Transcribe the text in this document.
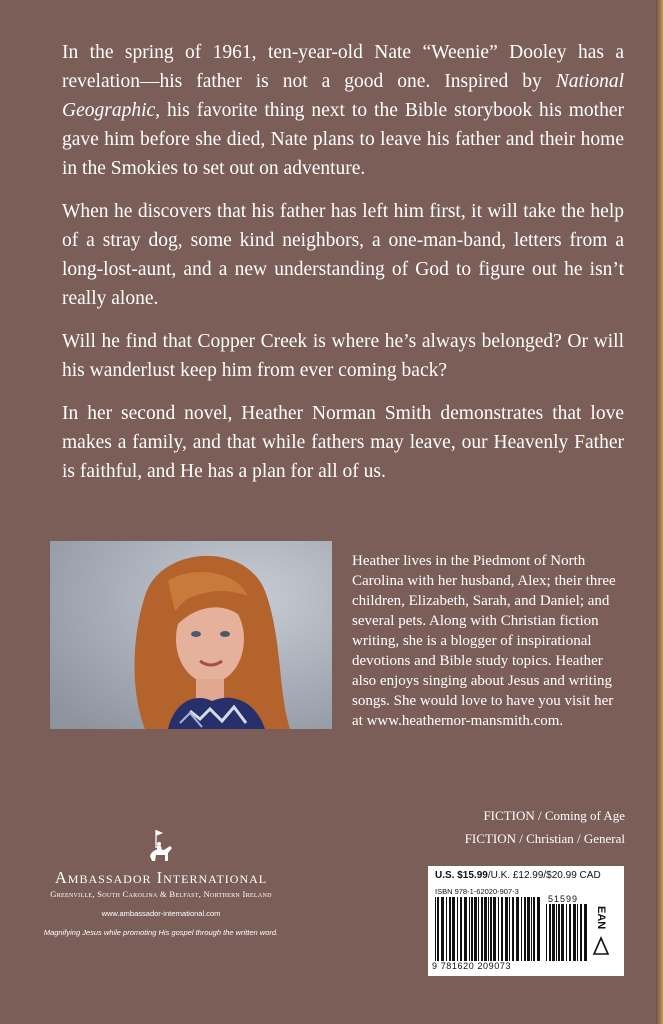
In the spring of 1961, ten-year-old Nate “Weenie” Dooley has a revelation—his father is not a good one. Inspired by National Geographic, his favorite thing next to the Bible storybook his mother gave him before she died, Nate plans to leave his father and their home in the Smokies to set out on adventure.

When he discovers that his father has left him first, it will take the help of a stray dog, some kind neighbors, a one-man-band, letters from a long-lost-aunt, and a new understanding of God to figure out he isn’t really alone.

Will he find that Copper Creek is where he’s always belonged? Or will his wanderlust keep him from ever coming back?

In her second novel, Heather Norman Smith demonstrates that love makes a family, and that while fathers may leave, our Heavenly Father is faithful, and He has a plan for all of us.

Heather lives in the Piedmont of North Carolina with her husband, Alex; their three children, Elizabeth, Sarah, and Daniel; and several pets. Along with Christian fiction writing, she is a blogger of inspirational devotions and Bible study topics. Heather also enjoys singing about Jesus and writing songs. She would love to have you visit her at www.heathernor-mansmith.com.
FICTION / Coming of Age
FICTION / Christian / General
Ambassador International
Greenville, South Carolina & Belfast, Northern Ireland
www.ambassador-international.com
Magnifying Jesus while promoting His gospel through the written word.
U.S. $15.99/U.K. £12.99/$20.99 CAD
ISBN 978-1-62020-907-3
51599
9 781620 209073
EAN
